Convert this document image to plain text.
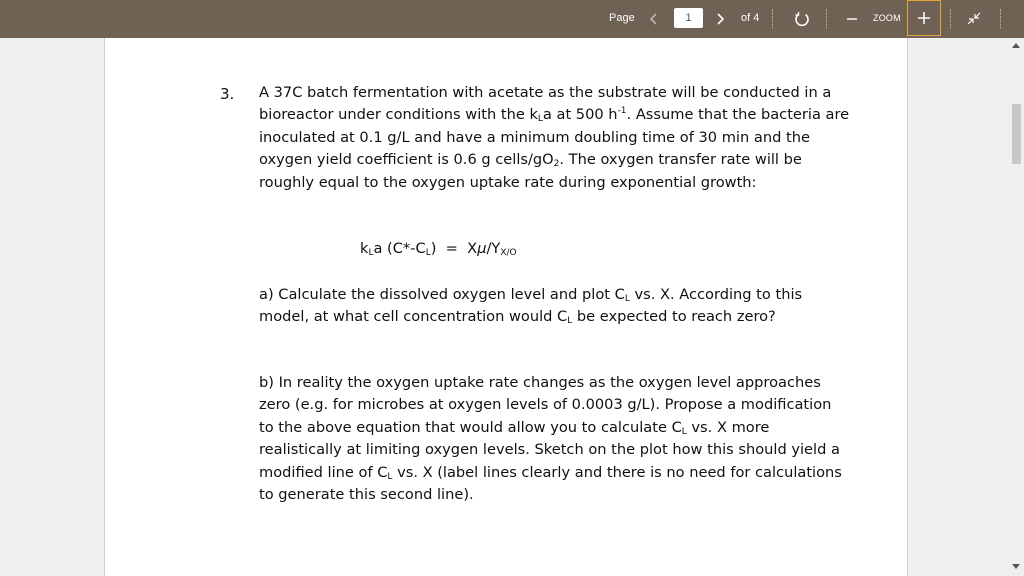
Page
1	of 4	ZOOM
3. A 37C batch fermentation with acetate as the substrate will be conducted in a bioreactor under conditions with the $k_La$ at 500 $h^{-1}$. Assume that the bacteria are inoculated at 0.1 g/L and have a minimum doubling time of 30 min and the oxygen yield coefficient is 0.6 g cells/$gO_2$. The oxygen transfer rate will be roughly equal to the oxygen uptake rate during exponential growth:

$k_La$ $(C*-C_L) = X\mu/Y_{X/O}$
a) Calculate the dissolved oxygen level and plot $C_L$ vs. X. According to this model, at what cell concentration would $C_L$ be expected to reach zero?
b) In reality the oxygen uptake rate changes as the oxygen level approaches zero (e.g. for microbes at oxygen levels of 0.0003 g/L). Propose a modification to the above equation that would allow you to calculate $C_L$ vs. X more realistically at limiting oxygen levels. Sketch on the plot how this should yield a modified line of $C_L$ vs. X (label lines clearly and there is no need for calculations to generate this second line).
